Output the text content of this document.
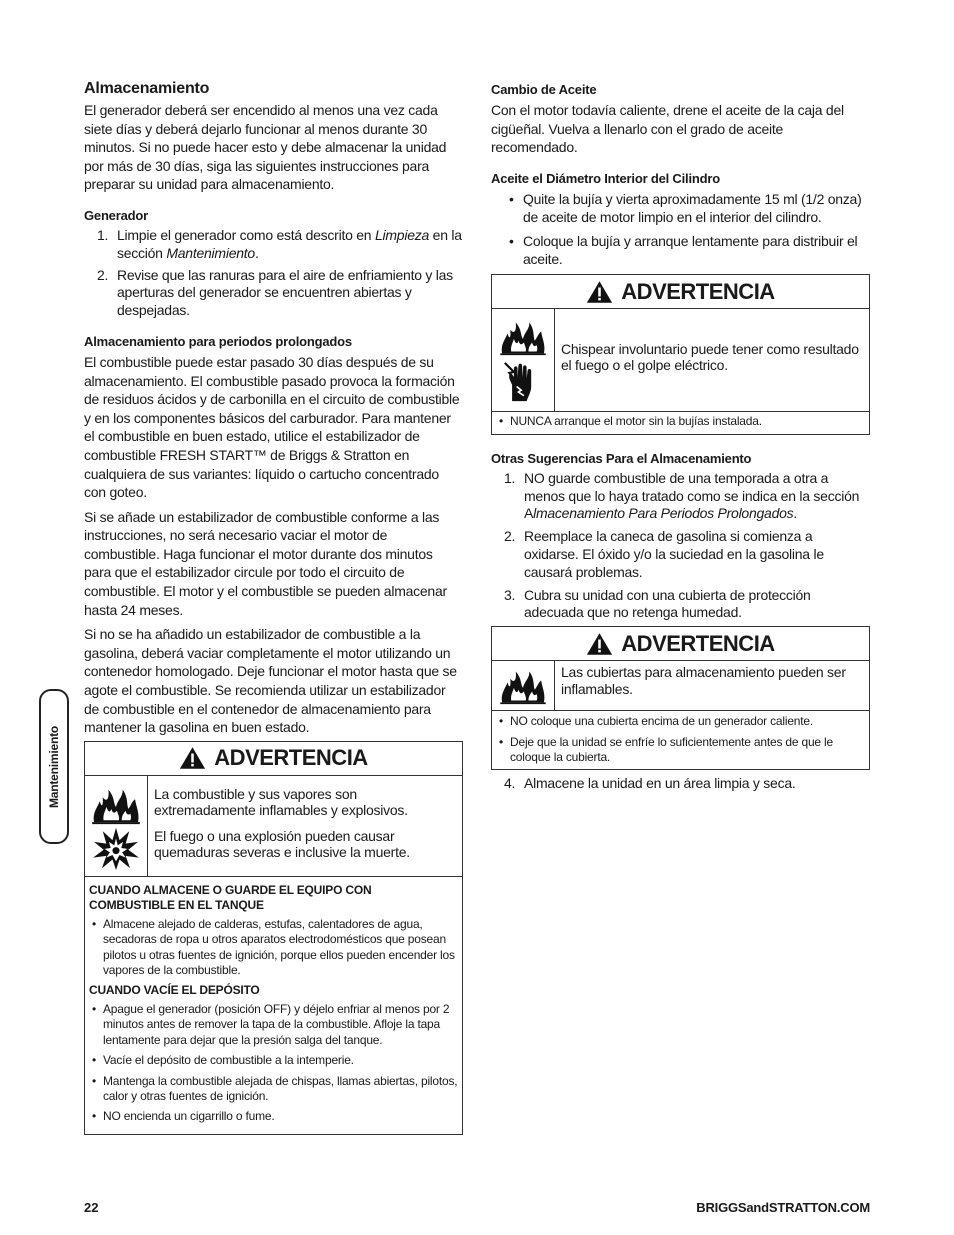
Mantenimiento
Almacenamiento

El generador deberá ser encendido al menos una vez cada siete días y deberá dejarlo funcionar al menos durante 30 minutos. Si no puede hacer esto y debe almacenar la unidad por más de 30 días, siga las siguientes instrucciones para preparar su unidad para almacenamiento.

Generador
1. Limpie el generador como está descrito en Limpieza en la sección Mantenimiento.
2. Revise que las ranuras para el aire de enfriamiento y las aperturas del generador se encuentren abiertas y despejadas.
Almacenamiento para periodos prolongados

El combustible puede estar pasado 30 días después de su almacenamiento. El combustible pasado provoca la formación de residuos ácidos y de carbonilla en el circuito de combustible y en los componentes básicos del carburador. Para mantener el combustible en buen estado, utilice el estabilizador de combustible FRESH START™ de Briggs & Stratton en cualquiera de sus variantes: líquido o cartucho concentrado con goteo.

Si se añade un estabilizador de combustible conforme a las instrucciones, no será necesario vaciar el motor de combustible. Haga funcionar el motor durante dos minutos para que el estabilizador circule por todo el circuito de combustible. El motor y el combustible se pueden almacenar hasta 24 meses.

Si no se ha añadido un estabilizador de combustible a la gasolina, deberá vaciar completamente el motor utilizando un contenedor homologado. Deje funcionar el motor hasta que se agote el combustible. Se recomienda utilizar un estabilizador de combustible en el contenedor de almacenamiento para mantener la gasolina en buen estado.

ADVERTENCIA

La combustible y sus vapores son extremadamente inflamables y explosivos.

El fuego o una explosión pueden causar quemaduras severas e inclusive la muerte.

CUANDO ALMACENE O GUARDE EL EQUIPO CON COMBUSTIBLE EN EL TANQUE
• Almacene alejado de calderas, estufas, calentadores de agua, secadoras de ropa u otros aparatos electrodomésticos que posean pilotos u otras fuentes de ignición, porque ellos pueden encender los vapores de la combustible.
CUANDO VACÍE EL DEPÓSITO
• Apague el generador (posición OFF) y déjelo enfriar al menos por 2 minutos antes de remover la tapa de la combustible. Afloje la tapa lentamente para dejar que la presión salga del tanque.
• Vacíe el depósito de combustible a la intemperie.
• Mantenga la combustible alejada de chispas, llamas abiertas, pilotos, calor y otras fuentes de ignición.
• NO encienda un cigarrillo o fume.
Cambio de Aceite

Con el motor todavía caliente, drene el aceite de la caja del cigüeñal. Vuelva a llenarlo con el grado de aceite recomendado.

Aceite el Diámetro Interior del Cilindro
• Quite la bujía y vierta aproximadamente 15 ml (1/2 onza) de aceite de motor limpio en el interior del cilindro.
• Coloque la bujía y arranque lentamente para distribuir el aceite.
ADVERTENCIA

Chispear involuntario puede tener como resultado el fuego o el golpe eléctrico.

• NUNCA arranque el motor sin la bujías instalada.
Otras Sugerencias Para el Almacenamiento
1. NO guarde combustible de una temporada a otra a menos que lo haya tratado como se indica en la sección Almacenamiento Para Periodos Prolongados.
2. Reemplace la caneca de gasolina si comienza a oxidarse. El óxido y/o la suciedad en la gasolina le causará problemas.
3. Cubra su unidad con una cubierta de protección adecuada que no retenga humedad.
ADVERTENCIA

Las cubiertas para almacenamiento pueden ser inflamables.

• NO coloque una cubierta encima de un generador caliente.
• Deje que la unidad se enfríe lo suficientemente antes de que le coloque la cubierta.
4. Almacene la unidad en un área limpia y seca.
22	BRIGGSandSTRATTON.COM
